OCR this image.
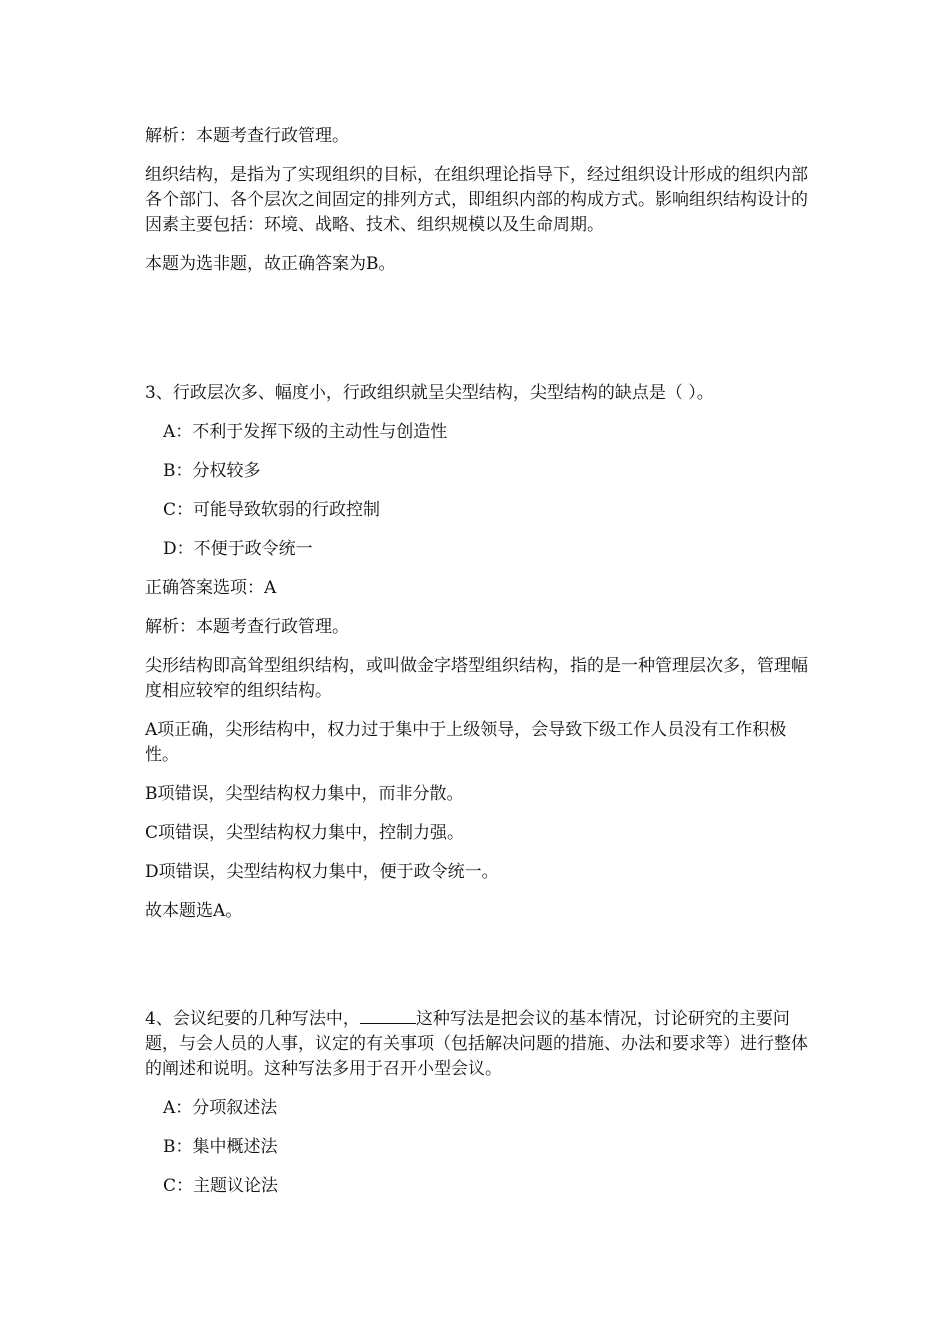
解析：本题考查行政管理。

组织结构，是指为了实现组织的目标，在组织理论指导下，经过组织设计形成的组织内部各个部门、各个层次之间固定的排列方式，即组织内部的构成方式。影响组织结构设计的因素主要包括：环境、战略、技术、组织规模以及生命周期。

本题为选非题，故正确答案为B。

3、行政层次多、幅度小，行政组织就呈尖型结构，尖型结构的缺点是（ ）。

A：不利于发挥下级的主动性与创造性

B：分权较多

C：可能导致软弱的行政控制

D：不便于政令统一

正确答案选项：A

解析：本题考查行政管理。

尖形结构即高耸型组织结构，或叫做金字塔型组织结构，指的是一种管理层次多，管理幅度相应较窄的组织结构。

A项正确，尖形结构中，权力过于集中于上级领导，会导致下级工作人员没有工作积极性。

B项错误，尖型结构权力集中，而非分散。

C项错误，尖型结构权力集中，控制力强。

D项错误，尖型结构权力集中，便于政令统一。

故本题选A。

4、会议纪要的几种写法中，	这种写法是把会议的基本情况，讨论研究的主要问题，与会人员的人事，议定的有关事项（包括解决问题的措施、办法和要求等）进行整体的阐述和说明。这种写法多用于召开小型会议。

A：分项叙述法

B：集中概述法

C：主题议论法
